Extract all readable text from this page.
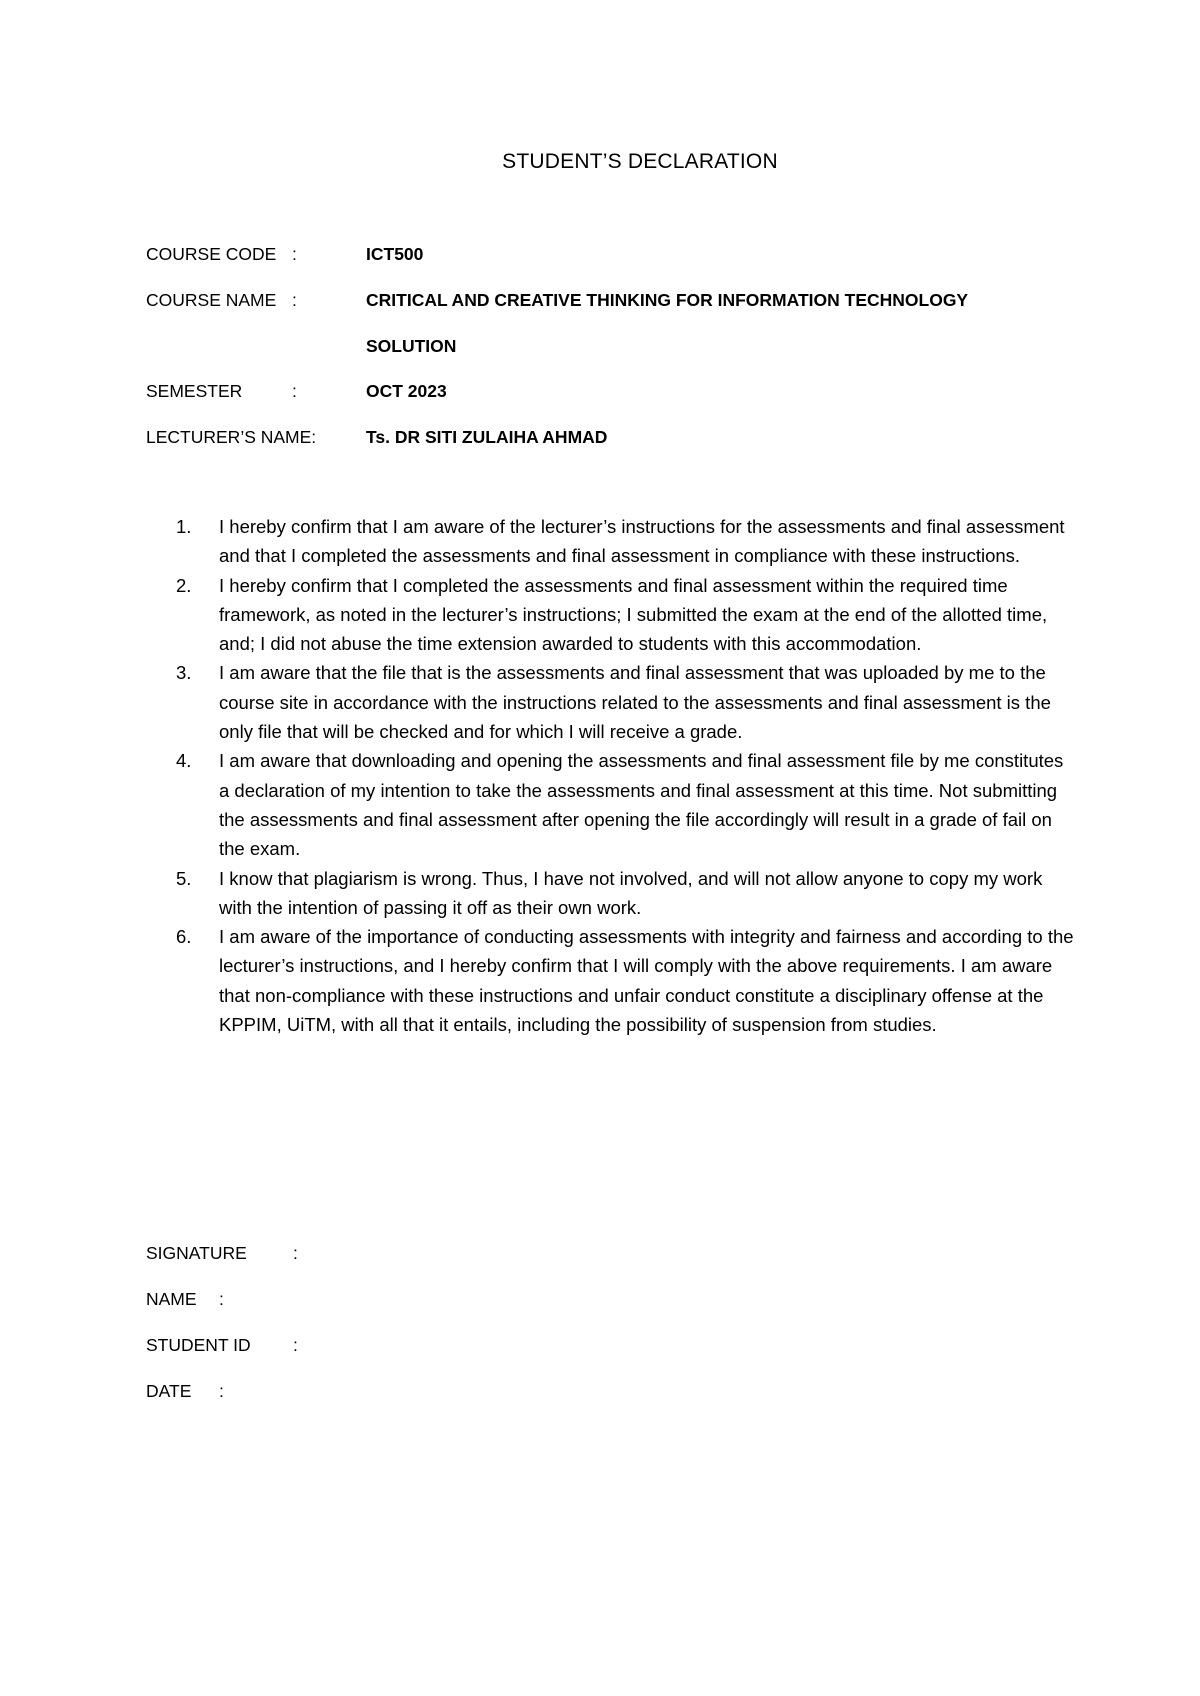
STUDENT’S DECLARATION
COURSE CODE :	ICT500
COURSE NAME :	CRITICAL AND CREATIVE THINKING FOR INFORMATION TECHNOLOGY
SOLUTION
SEMESTER	:	OCT 2023
LECTURER’S NAME:	Ts. DR SITI ZULAIHA AHMAD
1. I hereby confirm that I am aware of the lecturer’s instructions for the assessments and final assessment and that I completed the assessments and final assessment in compliance with these instructions.
2. I hereby confirm that I completed the assessments and final assessment within the required time framework, as noted in the lecturer’s instructions; I submitted the exam at the end of the allotted time, and; I did not abuse the time extension awarded to students with this accommodation.
3. I am aware that the file that is the assessments and final assessment that was uploaded by me to the course site in accordance with the instructions related to the assessments and final assessment is the only file that will be checked and for which I will receive a grade.
4. I am aware that downloading and opening the assessments and final assessment file by me constitutes a declaration of my intention to take the assessments and final assessment at this time. Not submitting the assessments and final assessment after opening the file accordingly will result in a grade of fail on the exam.
5. I know that plagiarism is wrong. Thus, I have not involved, and will not allow anyone to copy my work with the intention of passing it off as their own work.
6. I am aware of the importance of conducting assessments with integrity and fairness and according to the lecturer’s instructions, and I hereby confirm that I will comply with the above requirements. I am aware that non-compliance with these instructions and unfair conduct constitute a disciplinary offense at the KPPIM, UiTM, with all that it entails, including the possibility of suspension from studies.
SIGNATURE	:
NAME :
STUDENT ID :
DATE :
